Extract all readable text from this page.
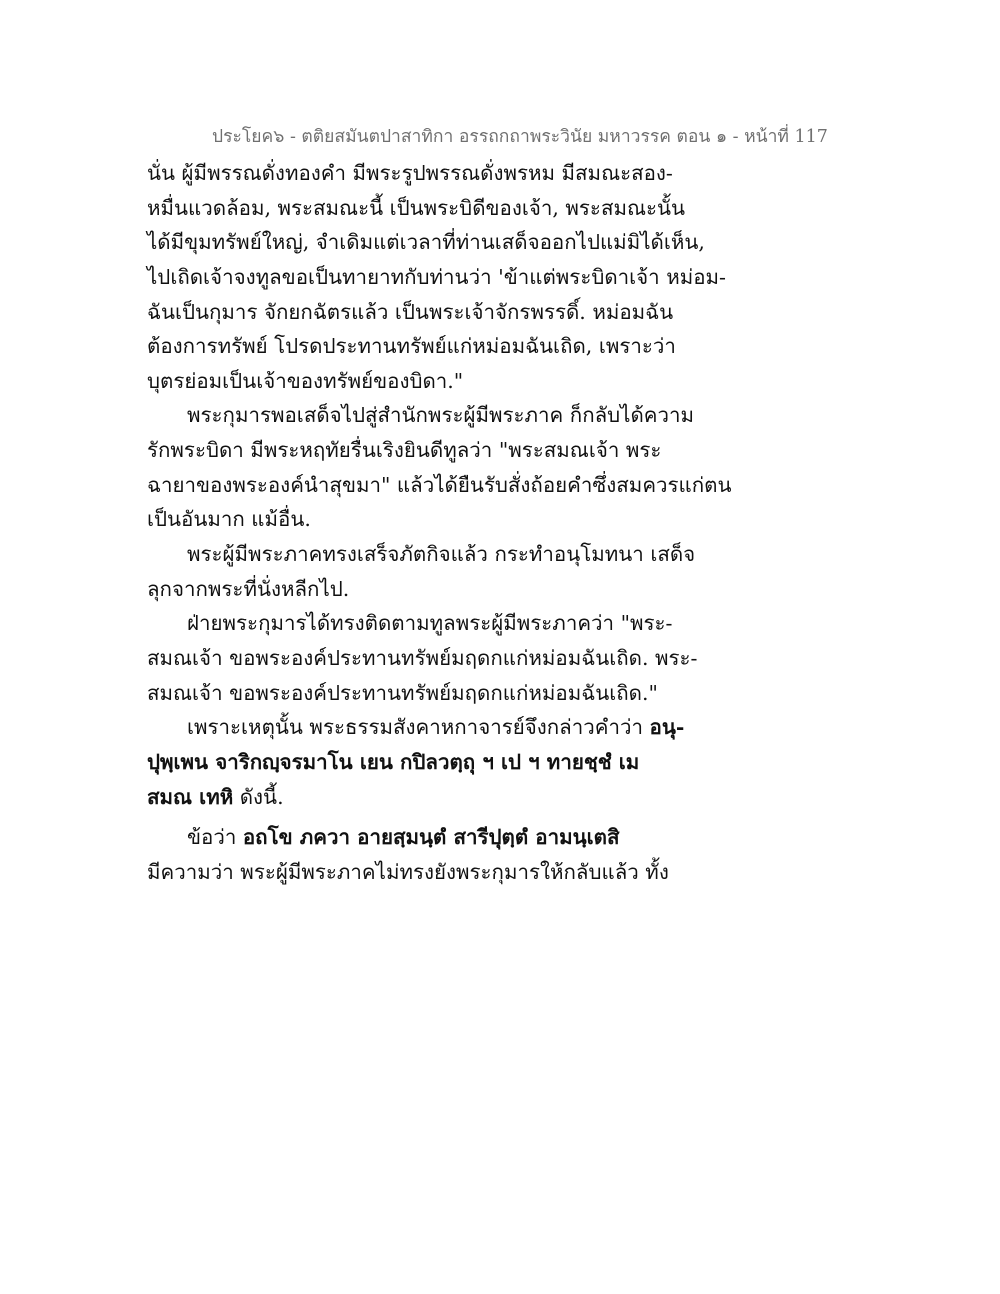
ประโยค๖ - ตติยสมันตปาสาทิกา อรรถกถาพระวินัย มหาวรรค ตอน ๑ - หน้าที่ 117
นั่น ผู้มีพรรณดั่งทองคำ มีพระรูปพรรณดั่งพรหม มีสมณะสอง-
หมื่นแวดล้อม, พระสมณะนี้ เป็นพระบิดีของเจ้า, พระสมณะนั้น
ได้มีขุมทรัพย์ใหญ่, จำเดิมแต่เวลาที่ท่านเสด็จออกไปแม่มิได้เห็น,
ไปเถิดเจ้าจงทูลขอเป็นทายาทกับท่านว่า 'ข้าแต่พระบิดาเจ้า หม่อม-
ฉันเป็นกุมาร จักยกฉัตรแล้ว เป็นพระเจ้าจักรพรรดิ์. หม่อมฉัน
ต้องการทรัพย์ โปรดประทานทรัพย์แก่หม่อมฉันเถิด, เพราะว่า
บุตรย่อมเป็นเจ้าของทรัพย์ของบิดา."
พระกุมารพอเสด็จไปสู่สำนักพระผู้มีพระภาค ก็กลับได้ความ
รักพระบิดา มีพระหฤทัยรื่นเริงยินดีทูลว่า "พระสมณเจ้า พระ
ฉายาของพระองค์นำสุขมา" แล้วได้ยืนรับสั่งถ้อยคำซึ่งสมควรแก่ตน
เป็นอันมาก แม้อื่น.
พระผู้มีพระภาคทรงเสร็จภัตกิจแล้ว กระทำอนุโมทนา เสด็จ
ลุกจากพระที่นั่งหลีกไป.
ฝ่ายพระกุมารได้ทรงติดตามทูลพระผู้มีพระภาคว่า "พระ-
สมณเจ้า ขอพระองค์ประทานทรัพย์มฤดกแก่หม่อมฉันเถิด. พระ-
สมณเจ้า ขอพระองค์ประทานทรัพย์มฤดกแก่หม่อมฉันเถิด."
เพราะเหตุนั้น พระธรรมสังคาหกาจารย์จึงกล่าวคำว่า อนุ-
ปุพฺเพน จาริกญฺจรมาโน เยน กปิลวตฺถุ ฯ เป ฯ ทายชฺชํ เม
สมณ เทหิ ดังนี้.
ข้อว่า อถโข ภควา อายสฺมนฺตํ สารีปุตฺตํ อามนฺเตสิ
มีความว่า พระผู้มีพระภาคไม่ทรงยังพระกุมารให้กลับแล้ว ทั้ง
